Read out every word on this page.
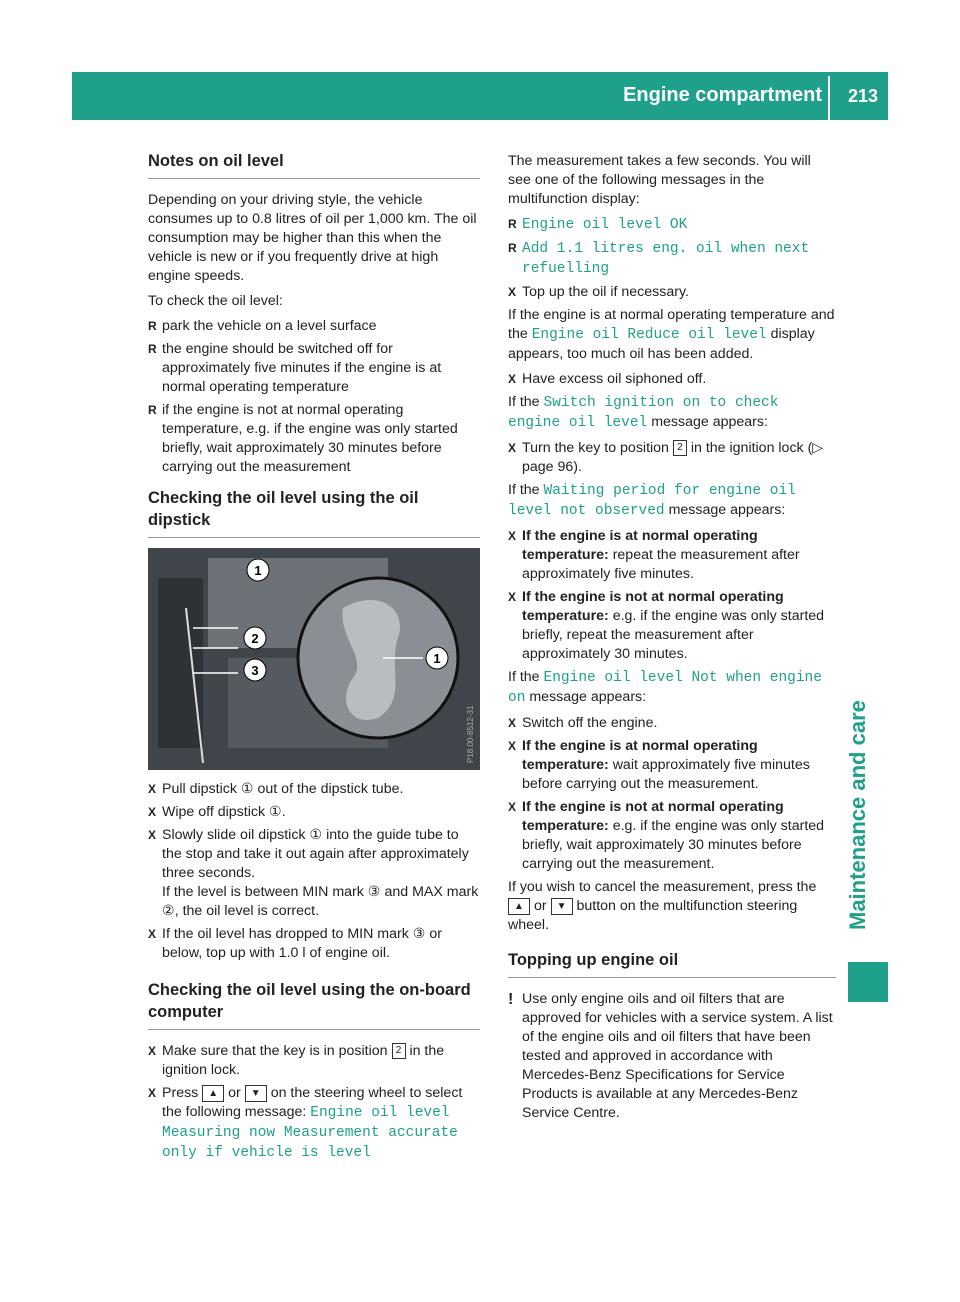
Engine compartment 213
Maintenance and care
Notes on oil level

Depending on your driving style, the vehicle consumes up to 0.8 litres of oil per 1,000 km. The oil consumption may be higher than this when the vehicle is new or if you frequently drive at high engine speeds.

To check the oil level:

R park the vehicle on a level surface
R the engine should be switched off for approximately five minutes if the engine is at normal operating temperature
R if the engine is not at normal operating temperature, e.g. if the engine was only started briefly, wait approximately 30 minutes before carrying out the measurement
Checking the oil level using the oil dipstick
1
2
3
1
P18.00-8512-31
X Pull dipstick ① out of the dipstick tube.
X Wipe off dipstick ①.
X Slowly slide oil dipstick ① into the guide tube to the stop and take it out again after approximately three seconds.
If the level is between MIN mark ③ and MAX mark ②, the oil level is correct.
X If the oil level has dropped to MIN mark ③ or below, top up with 1.0 l of engine oil.
Checking the oil level using the on-board computer
X Make sure that the key is in position 2 in the ignition lock.
X Press ▲ or ▼ on the steering wheel to select the following message: Engine oil level Measuring now Measurement accurate only if vehicle is level

The measurement takes a few seconds. You will see one of the following messages in the multifunction display:

R Engine oil level OK
R Add 1.1 litres eng. oil when next refuelling
X Top up the oil if necessary.

If the engine is at normal operating temperature and the Engine oil Reduce oil level display appears, too much oil has been added.

X Have excess oil siphoned off.

If the Switch ignition on to check engine oil level message appears:

X Turn the key to position 2 in the ignition lock (▷ page 96).

If the Waiting period for engine oil level not observed message appears:

X If the engine is at normal operating temperature: repeat the measurement after approximately five minutes.
X If the engine is not at normal operating temperature: e.g. if the engine was only started briefly, repeat the measurement after approximately 30 minutes.

If the Engine oil level Not when engine on message appears:

X Switch off the engine.
X If the engine is at normal operating temperature: wait approximately five minutes before carrying out the measurement.
X If the engine is not at normal operating temperature: e.g. if the engine was only started briefly, wait approximately 30 minutes before carrying out the measurement.

If you wish to cancel the measurement, press the ▲ or ▼ button on the multifunction steering wheel.

Topping up engine oil
! Use only engine oils and oil filters that are approved for vehicles with a service system. A list of the engine oils and oil filters that have been tested and approved in accordance with Mercedes-Benz Specifications for Service Products is available at any Mercedes-Benz Service Centre.
